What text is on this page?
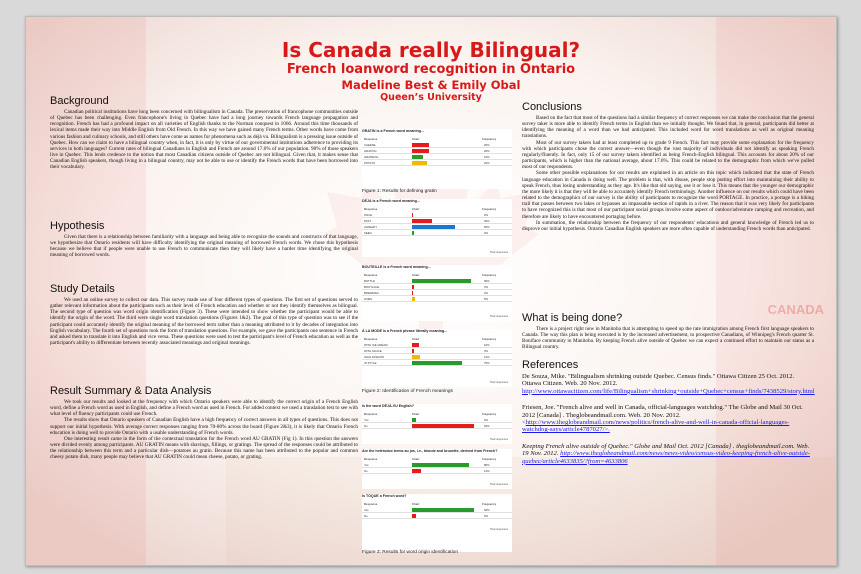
CANADA
Is Canada really Bilingual?
French loanword recognition in Ontario
Madeline Best & Emily Obal
Queen’s University
Background

Canadian political institutions have long been concerned with bilingualism in Canada. The preservation of francophone communities outside of Quebec has been challenging. Even francophone's living in Quebec have had a long journey towards French language propagation and recognition. French has had a profound impact on all varieties of English thanks to the Norman conquest in 1066. Around this time thousands of lexical items made their way into Middle English from Old French. In this way we have gained many French terms. Other words have come from various fashion and culinary schools, and still others have come as names for phenomena such as déjà vu. Bilingualism is a pressing issue outside of Quebec. How can we claim to have a bilingual country when, in fact, it is only by virtue of our governmental institutions adherence to providing its services in both languages? Current rates of bilingual Canadians in English and French are around 17.6% of our population. 90% of those speakers live in Quebec. This lends credence to the notion that most Canadian citizens outside of Quebec are not bilingual. Given that, it makes sense that Canadian English speakers, though living in a bilingual country, may not be able to use or identify the French words that have been borrowed into their vocabulary.

Hypothesis

Given that there is a relationship between familiarity with a language and being able to recognize the sounds and constructs of that language, we hypothesize that Ontario residents will have difficulty identifying the original meaning of borrowed French words. We chose this hypothesis because we believe that if people were unable to use French to communicate then they will likely have a harder time identifying the original meaning of borrowed words.

Study Details

We used an online survey to collect our data. This survey made use of four different types of questions. The first set of questions served to gather relevant information about the participants such as their level of French education and whether or not they identify themselves as bilingual. The second type of question was word origin identification (Figure 3). These were intended to show whether the participant would be able to identify the origin of the word. The third were single word translation questions (Figures 1&2). The goal of this type of question was to see if the participant could accurately identify the original meaning of the borrowed term rather than a meaning attributed to it by decades of integration into English vocabulary. The fourth set of questions took the form of translation questions. For example, we gave the participants one sentence in French and asked them to translate it into English and vice versa. These questions were used to test the participant's level of French education as well as the participant's ability to differentiate between recently associated meanings and original meanings.

Result Summary & Data Analysis

We took our results and looked at the frequency with which Ontario speakers were able to identify the correct origin of a French English word, define a French word as used in English, and define a French word as used in French. For added context we used a translation test to see with what level of fluency participants could use French.

The results show that Ontario speakers of Canadian English have a high frequency of correct answers in all types of questions. This does not support our initial hypothesis. With average correct responses ranging from 70-80% across the board (Figure 2&3), it is likely that Ontario French education is doing well to provide Ontario with a usable understanding of French words.

One interesting result came in the form of the contextual translation for the French word AU GRATIN (Fig 1). In this question the answers were divided evenly among participants. AU GRATIN means with shavings, fillings, or gratings. The spread of the responses could be attributed to the relationship between this term and a particular dish—potatoes au gratin. Because this name has been attributed to the popular and common cheesy potato dish, many people may believe that AU GRATIN could mean cheese, potato, or grating.

GRATIN is a French word meaning...
Response	Chart	Frequency
CHEESE	26%
GRATING	26%
GRATEFUL	16%
POTATO	22%
Figure 1: Results for defining gratin
DÉJA is a French word meaning...
Response	Chart	Frequency
ONCE	2%
PAST	30%
ALREADY	65%
SEEN	3%
Total responses
BOUTEILLE is a French word meaning...
Response	Chart	Frequency
BOTTLE	90%
BOOTLACE	3%
BREWMAN	2%
LINEN	5%
Total responses
À LA MODE is a French phrase literally meaning...
Response	Chart	Frequency
WITH ICE CREAM	10%
WITH SAUCE	3%
HIGH FASHION	12%
IN STYLE	75%
Total responses
Figure 2: Identification of French meanings
Is the word DÉJÀ-VU English?
Response	Chart	Frequency
Yes	6%
No	94%
Total responses
Are the heterodox terms au jus, i.e., blonde and brunette, derived from French?
Response	Chart	Frequency
Yes	86%
No	14%
Total responses
Is TOQUE a French word?
Response	Chart	Frequency
Yes	94%
No	6%
Total responses
Figure 3: Results for word origin identification
Conclusions

Based on the fact that most of the questions had a similar frequency of correct responses we can make the conclusion that the general survey taker is more able to identify French terms in English than we initially thought. We found that, in general, participants did better at identifying the meaning of a word than we had anticipated. This included word for word translations as well as original meaning translations.

Most of our survey takers had at least completed up to grade 9 French. This fact may provide some explanation for the frequency with which participants chose the correct answer—even though the vast majority of individuals did not identify as speaking French regularly/fluently. In fact, only 15 of our survey takers identified as being French-English bilingual. This accounts for about 20% of our participants, which is higher than the national average, about 17.6%. This could be related to the demographic from which we've pulled most of our respondents.

Some other possible explanations for our results are explained in an article on this topic which indicated that the state of French language education in Canada is doing well. The problem is that, with disuse, people stop putting effort into maintaining their ability to speak French, thus losing understanding as they age. It's like that old saying, use it or lose it. This means that the younger our demographic the more likely it is that they will be able to accurately identify French terminology. Another influence on our results which could have been related to the demographics of our survey is the ability of participants to recognize the word PORTAGE. In practice, a portage is a hiking trail that passes between two lakes or bypasses an impassable section of rapids in a river. The reason that it was very likely for participants to have recognized this is that most of our participant social groups involve some aspect of outdoor/adventure camping and recreation, and therefore are likely to have encountered portaging before.

In summation, the relationship between the frequency of our respondents' educations and general knowledge of French led us to disprove our initial hypothesis. Ontario Canadian English speakers are more often capable of understanding French words than anticipated.

What is being done?

There is a project right now in Manitoba that is attempting to speed up the rate immigration among French first language speakers to Canada. The way this plan is being executed is by the increased advertisement, to prospective Canadians, of Winnipeg's French quarter St. Boniface community in Manitoba. By keeping French alive outside of Quebec we can expect a continued effort to maintain our status as a Bilingual country.

References

De Souza, Mike. "Bilingualism shrinking outside Quebec. Census finds." Ottawa Citizen 25 Oct. 2012. Ottawa Citizen. Web. 20 Nov. 2012. http://www.ottawacitizen.com/life/Bilingualism+shrinking+outside+Quebec+census+finds/7438529/story.html

Friesen, Joe. "French alive and well in Canada, official-languages watchdog." The Globe and Mail 30 Oct. 2012 [Canada] . Theglobeandmail.com. Web. 20 Nov. 2012. <http://www.theglobeandmail.com/news/politics/french-alive-and-well-in-canada-official-languages-watchdog-says/article4787027/>.

Keeping French alive outside of Quebec." Globe and Mail Oct. 2012 [Canada] . theglobeandmail.com. Web. 19 Nov. 2012. http://www.theglobeandmail.com/news/news-video/census-video-keeping-french-alive-outside-quebec/article4633835/?from=4633806
